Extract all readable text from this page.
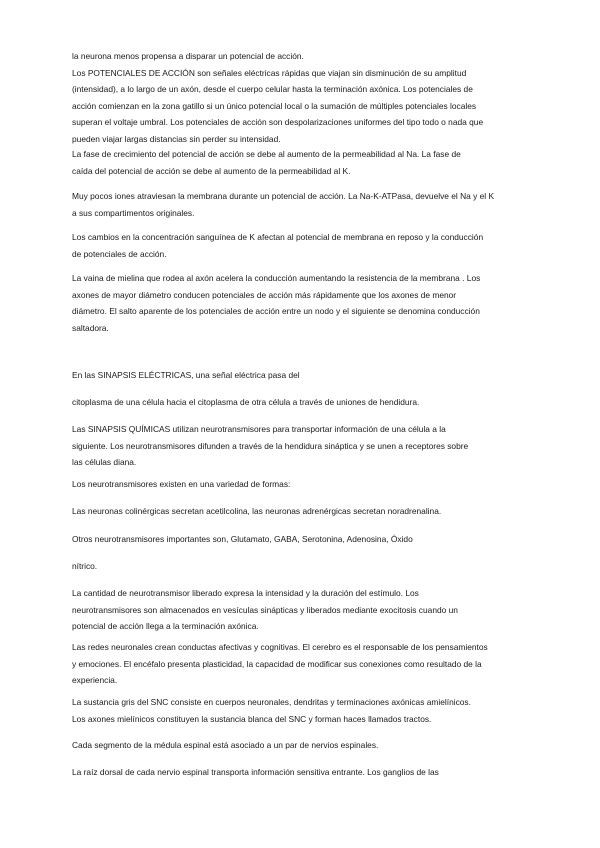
la neurona menos propensa a disparar un potencial de acción.
Los POTENCIALES DE ACCIÓN son señales eléctricas rápidas que viajan sin disminución de su amplitud
(intensidad), a lo largo de un axón, desde el cuerpo celular hasta la terminación axónica. Los potenciales de
acción comienzan en la zona gatillo si un único potencial local o la sumación de múltiples potenciales locales
superan el voltaje umbral. Los potenciales de acción son despolarizaciones uniformes del tipo todo o nada que
pueden viajar largas distancias sin perder su intensidad.
La fase de crecimiento del potencial de acción se debe al aumento de la permeabilidad al Na. La fase de
caída del potencial de acción se debe al aumento de la permeabilidad al K.
Muy pocos iones atraviesan la membrana durante un potencial de acción. La Na-K-ATPasa, devuelve el Na y el K
a sus compartimentos originales.
Los cambios en la concentración sanguínea de K afectan al potencial de membrana en reposo y la conducción
de potenciales de acción.
La vaina de mielina que rodea al axón acelera la conducción aumentando la resistencia de la membrana . Los
axones de mayor diámetro conducen potenciales de acción más rápidamente que los axones de menor
diámetro. El salto aparente de los potenciales de acción entre un nodo y el siguiente se denomina conducción
saltadora.
En las SINAPSIS ELÉCTRICAS, una señal eléctrica pasa del
citoplasma de una célula hacia el citoplasma de otra célula a través de uniones de hendidura.
Las SINAPSIS QUÍMICAS utilizan neurotransmisores para transportar información de una célula a la
siguiente. Los neurotransmisores difunden a través de la hendidura sináptica y se unen a receptores sobre
las células diana.
Los neurotransmisores existen en una variedad de formas:
Las neuronas colinérgicas secretan acetilcolina, las neuronas adrenérgicas secretan noradrenalina.
Otros neurotransmisores importantes son, Glutamato, GABA, Serotonina, Adenosina, Óxido
nítrico.
La cantidad de neurotransmisor liberado expresa la intensidad y la duración del estímulo. Los
neurotransmisores son almacenados en vesículas sinápticas y liberados mediante exocitosis cuando un
potencial de acción llega a la terminación axónica.
Las redes neuronales crean conductas afectivas y cognitivas. El cerebro es el responsable de los pensamientos
y emociones. El encéfalo presenta plasticidad, la capacidad de modificar sus conexiones como resultado de la
experiencia.
La sustancia gris del SNC consiste en cuerpos neuronales, dendritas y terminaciones axónicas amielínicos.
Los axones mielínicos constituyen la sustancia blanca del SNC y forman haces llamados tractos.
Cada segmento de la médula espinal está asociado a un par de nervios espinales.
La raíz dorsal de cada nervio espinal transporta información sensitiva entrante. Los ganglios de las
